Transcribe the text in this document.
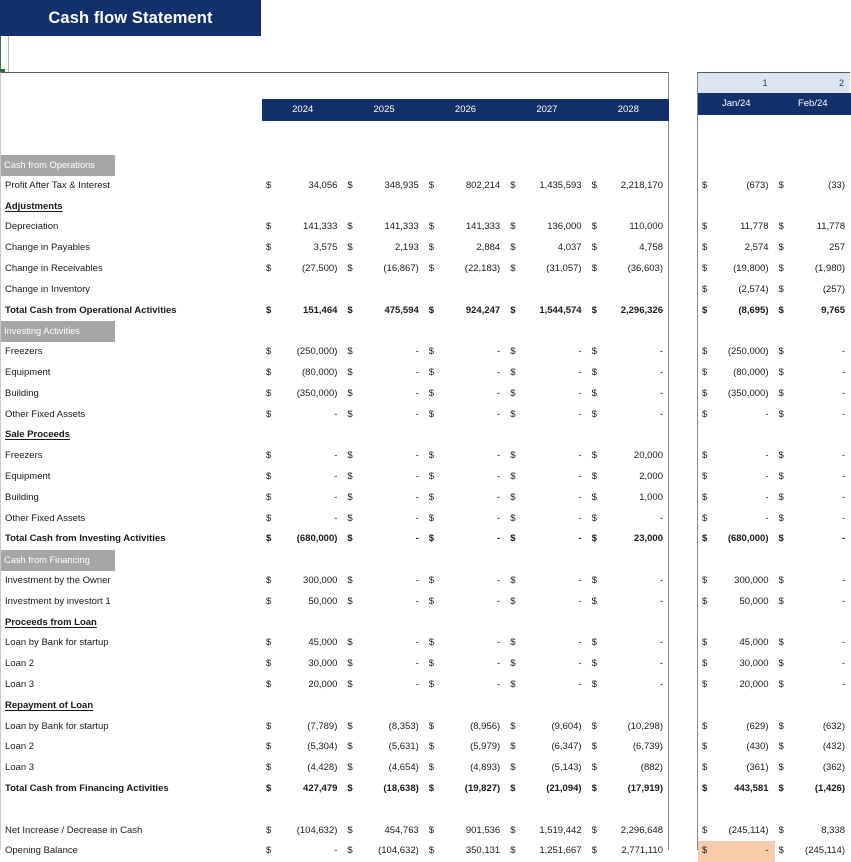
Cash flow Statement
2024	2025	2026	2027	2028
Cash from Operations
Profit After Tax & Interest	$	34,056	$	348,935	$	802,214	$	1,435,593	$	2,218,170
Adjustments
Depreciation	$	141,333	$	141,333	$	141,333	$	136,000	$	110,000
Change in Payables	$	3,575	$	2,193	$	2,884	$	4,037	$	4,758
Change in Receivables	$	(27,500)	$	(16,867)	$	(22,183)	$	(31,057)	$	(36,603)
Change in Inventory
Total Cash from Operational Activities	$	151,464	$	475,594	$	924,247	$	1,544,574	$	2,296,326
Investing Activities
Freezers	$	(250,000)	$	-	$	-	$	-	$	-
Equipment	$	(80,000)	$	-	$	-	$	-	$	-
Building	$	(350,000)	$	-	$	-	$	-	$	-
Other Fixed Assets	$	-	$	-	$	-	$	-	$	-
Sale Proceeds
Freezers	$	-	$	-	$	-	$	-	$	20,000
Equipment	$	-	$	-	$	-	$	-	$	2,000
Building	$	-	$	-	$	-	$	-	$	1,000
Other Fixed Assets	$	-	$	-	$	-	$	-	$	-
Total Cash from Investing Activities	$	(680,000)	$	-	$	-	$	-	$	23,000
Cash from Financing
Investment by the Owner	$	300,000	$	-	$	-	$	-	$	-
Investment by investort 1	$	50,000	$	-	$	-	$	-	$	-
Proceeds from Loan
Loan by Bank for startup	$	45,000	$	-	$	-	$	-	$	-
Loan 2	$	30,000	$	-	$	-	$	-	$	-
Loan 3	$	20,000	$	-	$	-	$	-	$	-
Repayment of Loan
Loan by Bank for startup	$	(7,789)	$	(8,353)	$	(8,956)	$	(9,604)	$	(10,298)
Loan 2	$	(5,304)	$	(5,631)	$	(5,979)	$	(6,347)	$	(6,739)
Loan 3	$	(4,428)	$	(4,654)	$	(4,893)	$	(5,143)	$	(882)
Total Cash from Financing Activities	$	427,479	$	(18,638)	$	(19,827)	$	(21,094)	$	(17,919)
Net Increase / Decrease in Cash	$	(104,632)	$	454,763	$	901,536	$	1,519,442	$	2,296,648
Opening Balance	$	-	$	(104,632)	$	350,131	$	1,251,667	$	2,771,110
1	2
Jan/24	Feb/24
$	(673)	$	(33)
$	11,778	$	11,778
$	2,574	$	257
$	(19,800)	$	(1,980)
$	(2,574)	$	(257)
$	(8,695)	$	9,765
$ (250,000)	$	-
$	(80,000)	$	-
$ (350,000)	$	-
$	-	$	-
$	-	$	-
$	-	$	-
$	-	$	-
$	-	$	-
$ (680,000)	$	-
$	300,000	$	-
$	50,000	$	-
$	45,000	$	-
$	30,000	$	-
$	20,000	$	-
$	(629)	$	(632)
$	(430)	$	(432)
$	(361)	$	(362)
$	443,581	$	(1,426)
$ (245,114)	$	8,338
$	-	$ (245,114)
